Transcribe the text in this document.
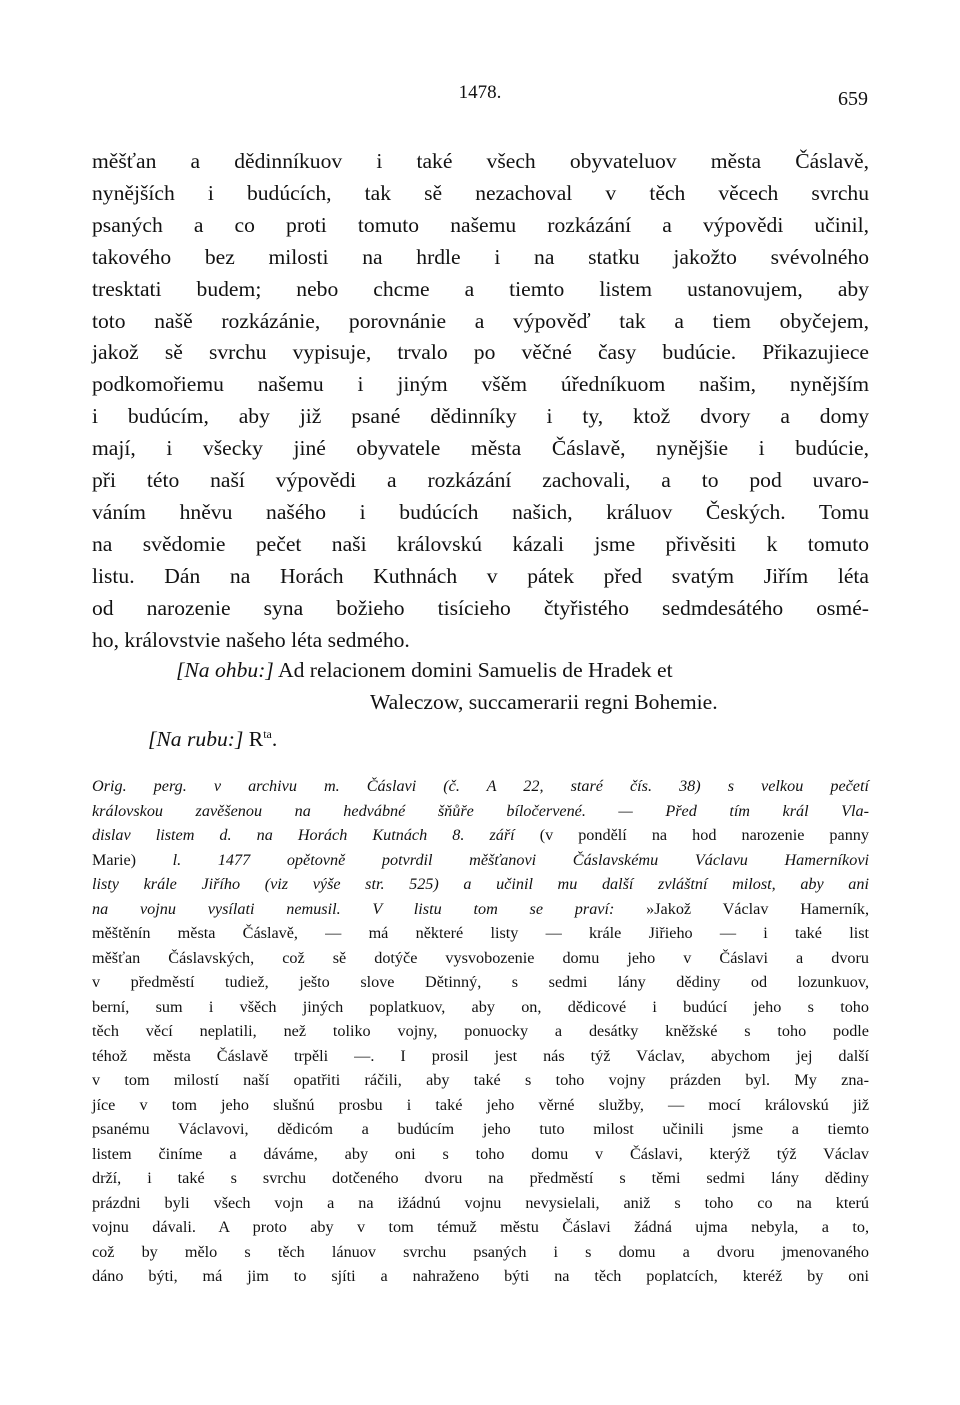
1478.	659
měšťan a dědinníkuov i také všech obyvateluov města Čáslavě,
nynějších i budúcích, tak sě nezachoval v těch věcech svrchu
psaných a co proti tomuto našemu rozkázání a výpovědi učinil,
takového bez milosti na hrdle i na statku jakožto svévolného
tresktati budem; nebo chcme a tiemto listem ustanovujem, aby
toto našě rozkázánie, porovnánie a výpověď tak a tiem obyčejem,
jakož sě svrchu vypisuje, trvalo po věčné časy budúcie. Přikazujiece
podkomořiemu našemu i jiným všěm úředníkuom našim, nynějším
i budúcím, aby již psané dědinníky i ty, ktož dvory a domy
mají, i všecky jiné obyvatele města Čáslavě, nynějšie i budúcie,
při této naší výpovědi a rozkázání zachovali, a to pod uvaro-
váním hněvu našého i budúcích našich, králuov Českých. Tomu
na svědomie pečet naši královskú kázali jsme přivěsiti k tomuto
listu. Dán na Horách Kuthnách v pátek před svatým Jiřím léta
od narozenie syna božieho tisícieho čtyřistého sedmdesátého osmé-
ho, královstvie našeho léta sedmého.
[Na ohbu:] Ad relacionem domini Samuelis de Hradek et
Waleczow, succamerarii regni Bohemie.
[Na rubu:] $R^{ta}$.
Orig. perg. v archivu m. Čáslavi (č. A 22, staré čís. 38) s velkou pečetí
královskou zavěšenou na hedvábné šňůře bíločervené. — Před tím král Vla-
dislav listem d. na Horách Kutnách 8. září (v pondělí na hod narozenie panny
Marie) l. 1477 opětovně potvrdil měšťanovi Čáslavskému Václavu Hamerníkovi
listy krále Jiřího (viz výše str. 525) a učinil mu další zvláštní milost, aby ani
na vojnu vysílati nemusil. V listu tom se praví: »Jakož Václav Hamerník,
měštěnín města Čáslavě, — má některé listy — krále Jiřieho — i také list
měšťan Čáslavských, což sě dotýče vysvobozenie domu jeho v Čáslavi a dvoru
v předměstí tudiež, ješto slove Dětinný, s sedmi lány dědiny od lozunkuov,
berní, sum i všěch jiných poplatkuov, aby on, dědicové i budúcí jeho s toho
těch věcí neplatili, než toliko vojny, ponuocky a desátky kněžské s toho podle
téhož města Čáslavě trpěli —. I prosil jest nás týž Václav, abychom jej další
v tom milostí naší opatřiti ráčili, aby také s toho vojny prázden byl. My zna-
jíce v tom jeho slušnú prosbu i také jeho věrné služby, — mocí královskú již
psanému Václavovi, dědicóm a budúcím jeho tuto milost učinili jsme a tiemto
listem činíme a dáváme, aby oni s toho domu v Čáslavi, kterýž týž Václav
drží, i také s svrchu dotčeného dvoru na předměstí s těmi sedmi lány dědiny
prázdni byli všech vojn a na ižádnú vojnu nevysielali, aniž s toho co na kterú
vojnu dávali. A proto aby v tom témuž městu Čáslavi žádná ujma nebyla, a to,
což by mělo s těch lánuov svrchu psaných i s domu a dvoru jmenovaného
dáno býti, má jim to sjíti a nahraženo býti na těch poplatcích, kteréž by oni
